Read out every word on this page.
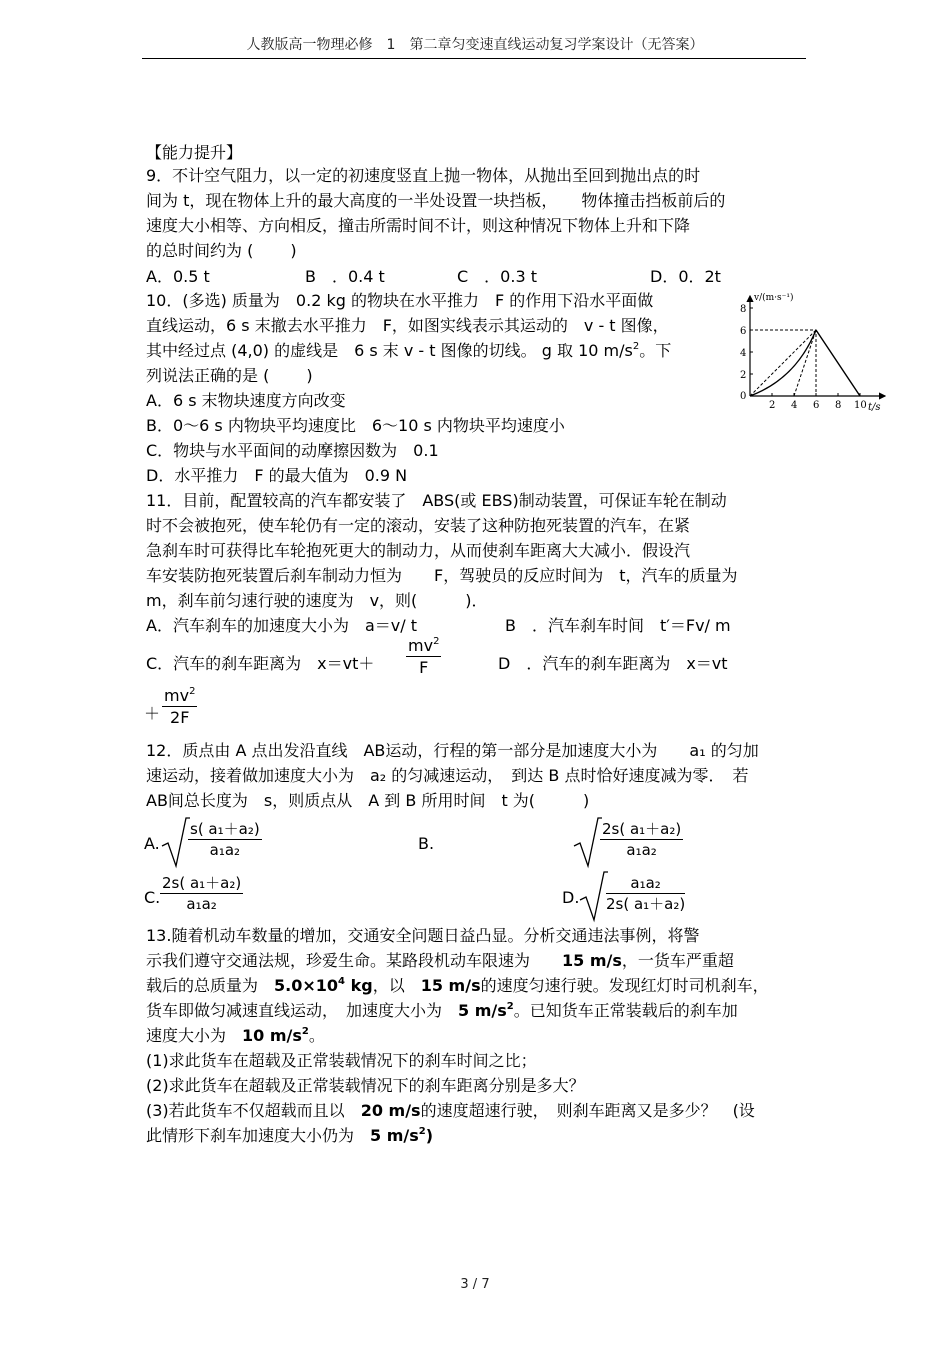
人教版高一物理必修　1　第二章匀变速直线运动复习学案设计（无答案）
【能力提升】
9．不计空气阻力，以一定的初速度竖直上抛一物体，从抛出至回到抛出点的时
间为 t，现在物体上升的最大高度的一半处设置一块挡板，　　物体撞击挡板前后的
速度大小相等、方向相反，撞击所需时间不计，则这种情况下物体上升和下降
的总时间约为 (　　 )
A．0.5 t	B　．0.4 t	C　．0.3 t	D．0．2t
10．(多选) 质量为　0.2 kg 的物块在水平推力　F 的作用下沿水平面做
直线运动，6 s 末撤去水平推力　F，如图实线表示其运动的　v - t 图像，
其中经过点 (4,0) 的虚线是　6 s 末 v - t 图像的切线。 g 取 10 $m/s^2$。下
列说法正确的是 (　　 )
A．6 s 末物块速度方向改变
B．0～6 s 内物块平均速度比　6～10 s 内物块平均速度小
C．物块与水平面间的动摩擦因数为　0.1
D．水平推力　F 的最大值为　0.9 N
v/(m·s⁻¹)
t/s
0
2 4 6 8 10
2
4
6
8
11．目前，配置较高的汽车都安装了　ABS(或 EBS)制动装置，可保证车轮在制动
时不会被抱死，使车轮仍有一定的滚动，安装了这种防抱死装置的汽车，在紧
急刹车时可获得比车轮抱死更大的制动力，从而使刹车距离大大减小．假设汽
车安装防抱死装置后刹车制动力恒为　　F，驾驶员的反应时间为　t，汽车的质量为
m，刹车前匀速行驶的速度为　v，则(　　　)．
A．汽车刹车的加速度大小为　a＝v/ t	B　．汽车刹车时间　t′＝Fv/ m
C．汽车的刹车距离为　$x=vt+ \frac{mv^2}{F}$	D　．汽车的刹车距离为　x＝vt
＋ $\frac{mv^2}{2F}$
12．质点由 A 点出发沿直线　AB运动，行程的第一部分是加速度大小为　　a₁ 的匀加
速运动，接着做加速度大小为　a₂ 的匀减速运动，　到达 B 点时恰好速度减为零．　若
AB间总长度为　s，则质点从　A 到 B 所用时间　t 为(　　　)
A. $\frac{\text{s( a₁＋a₂)}}{\text{a₁a₂}}$	B.	$\frac{\text{2s( a₁＋a₂)}}{\text{a₁a₂}}$
C. $\frac{\text{2s( a₁＋a₂)}}{\text{a₁a₂}}$	D. $\frac{\text{a₁a₂}}{\text{2s( a₁＋a₂)}}$
13.随着机动车数量的增加，交通安全问题日益凸显。分析交通违法事例，将警
示我们遵守交通法规，珍爱生命。某路段机动车限速为　　 15 m/s，一货车严重超
载后的总质量为　 $5.0\times 10^4$ kg，以　 15 m/s的速度匀速行驶。发现红灯时司机刹车，
货车即做匀减速直线运动，　加速度大小为　 5 $m/s^2$。已知货车正常装载后的刹车加
速度大小为　 10 $m/s^2$。
(1)求此货车在超载及正常装载情况下的刹车时间之比；
(2)求此货车在超载及正常装载情况下的刹车距离分别是多大？
(3)若此货车不仅超载而且以　 20 m/s的速度超速行驶，　则刹车距离又是多少？　(设
此情形下刹车加速度大小仍为　 5 $m/s^2$)
3 / 7
